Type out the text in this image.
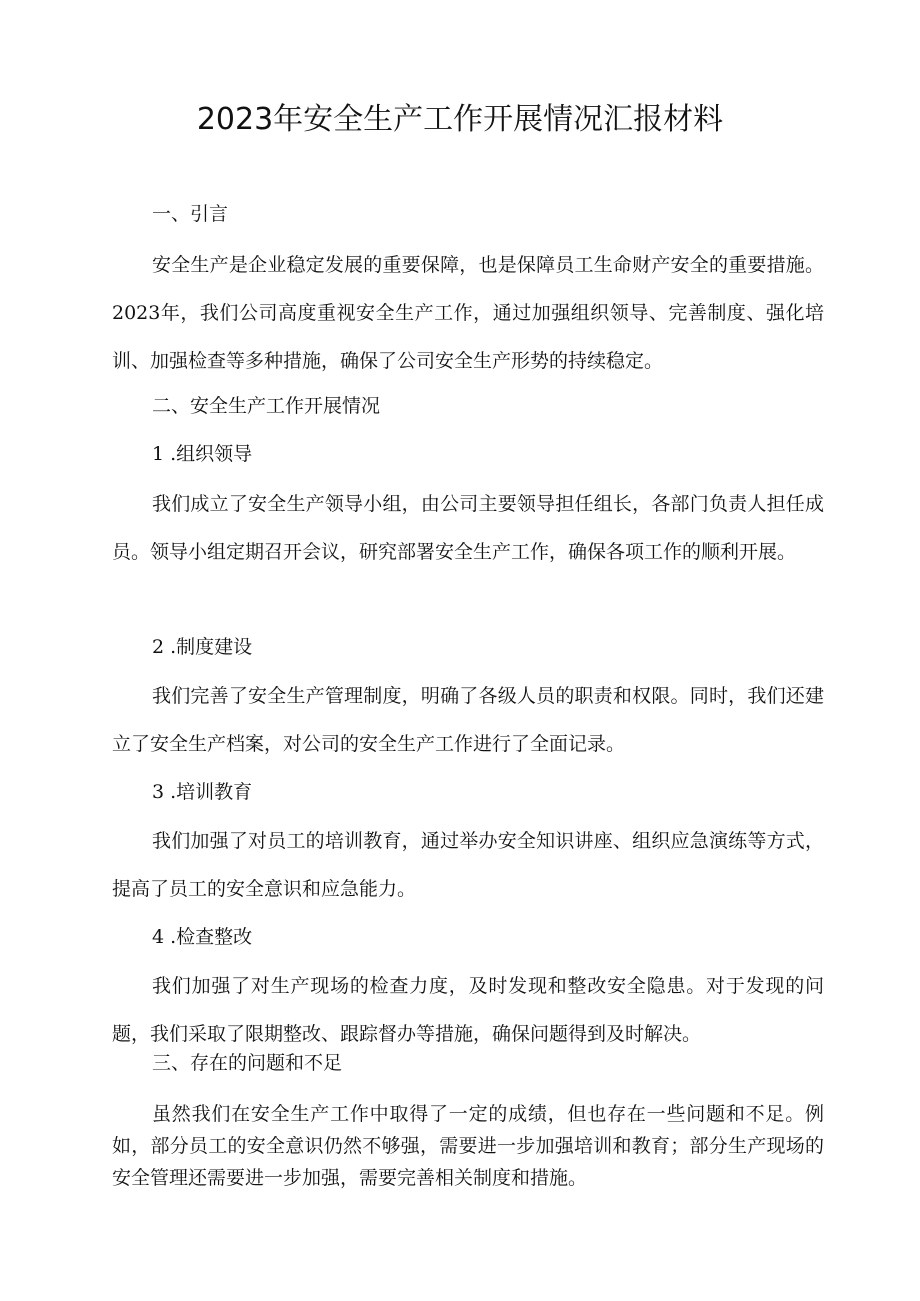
2023年安全生产工作开展情况汇报材料
一、引言
安全生产是企业稳定发展的重要保障，也是保障员工生命财产安全的重要措施。2023年，我们公司高度重视安全生产工作，通过加强组织领导、完善制度、强化培训、加强检查等多种措施，确保了公司安全生产形势的持续稳定。
二、安全生产工作开展情况
1 .组织领导
我们成立了安全生产领导小组，由公司主要领导担任组长，各部门负责人担任成员。领导小组定期召开会议，研究部署安全生产工作，确保各项工作的顺利开展。
2 .制度建设
我们完善了安全生产管理制度，明确了各级人员的职责和权限。同时，我们还建立了安全生产档案，对公司的安全生产工作进行了全面记录。
3 .培训教育
我们加强了对员工的培训教育，通过举办安全知识讲座、组织应急演练等方式，提高了员工的安全意识和应急能力。
4 .检查整改
我们加强了对生产现场的检查力度，及时发现和整改安全隐患。对于发现的问题，我们采取了限期整改、跟踪督办等措施，确保问题得到及时解决。
三、存在的问题和不足
虽然我们在安全生产工作中取得了一定的成绩，但也存在一些问题和不足。例如，部分员工的安全意识仍然不够强，需要进一步加强培训和教育；部分生产现场的安全管理还需要进一步加强，需要完善相关制度和措施。
